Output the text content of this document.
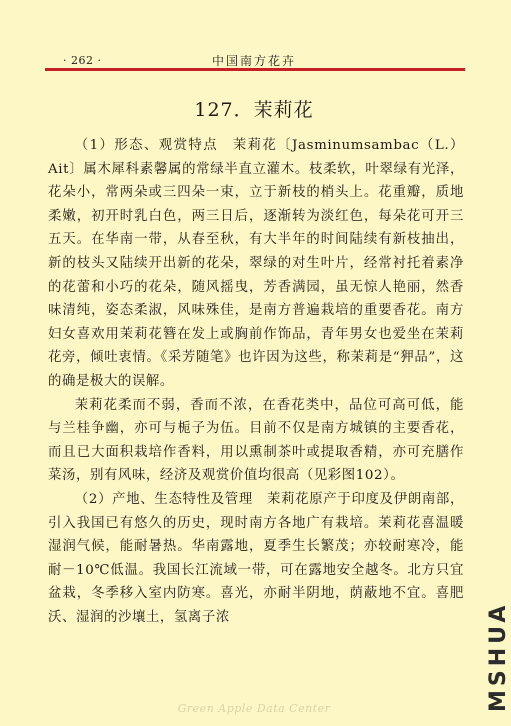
· 262 ·	中国南方花卉
127．茉莉花

（1）形态、观赏特点　茉莉花〔Jasminumsambac（L.）Ait〕属木犀科素馨属的常绿半直立灌木。枝柔软，叶翠绿有光泽，花朵小，常两朵或三四朵一束，立于新枝的梢头上。花重瓣，质地柔嫩，初开时乳白色，两三日后，逐渐转为淡红色，每朵花可开三五天。在华南一带，从春至秋，有大半年的时间陆续有新枝抽出，新的枝头又陆续开出新的花朵，翠绿的对生叶片，经常衬托着素净的花蕾和小巧的花朵，随风摇曳，芳香满园，虽无惊人艳丽，然香味清纯，姿态柔淑，风味殊佳，是南方普遍栽培的重要香花。南方妇女喜欢用茉莉花簪在发上或胸前作饰品，青年男女也爱坐在茉莉花旁，倾吐衷情。《采芳随笔》也许因为这些，称茉莉是“狎品”，这的确是极大的误解。

茉莉花柔而不弱，香而不浓，在香花类中，品位可高可低，能与兰桂争幽，亦可与栀子为伍。目前不仅是南方城镇的主要香花，而且已大面积栽培作香料，用以熏制茶叶或提取香精，亦可充膳作菜汤，别有风味，经济及观赏价值均很高（见彩图102）。

（2）产地、生态特性及管理　茉莉花原产于印度及伊朗南部，引入我国已有悠久的历史，现时南方各地广有栽培。茉莉花喜温暖湿润气候，能耐暑热。华南露地，夏季生长繁茂；亦较耐寒冷，能耐－10℃低温。我国长江流域一带，可在露地安全越冬。北方只宜盆栽，冬季移入室内防寒。喜光，亦耐半阴地，荫蔽地不宜。喜肥沃、湿润的沙壤土，氢离子浓

Green Apple Data Center	MSHUA
